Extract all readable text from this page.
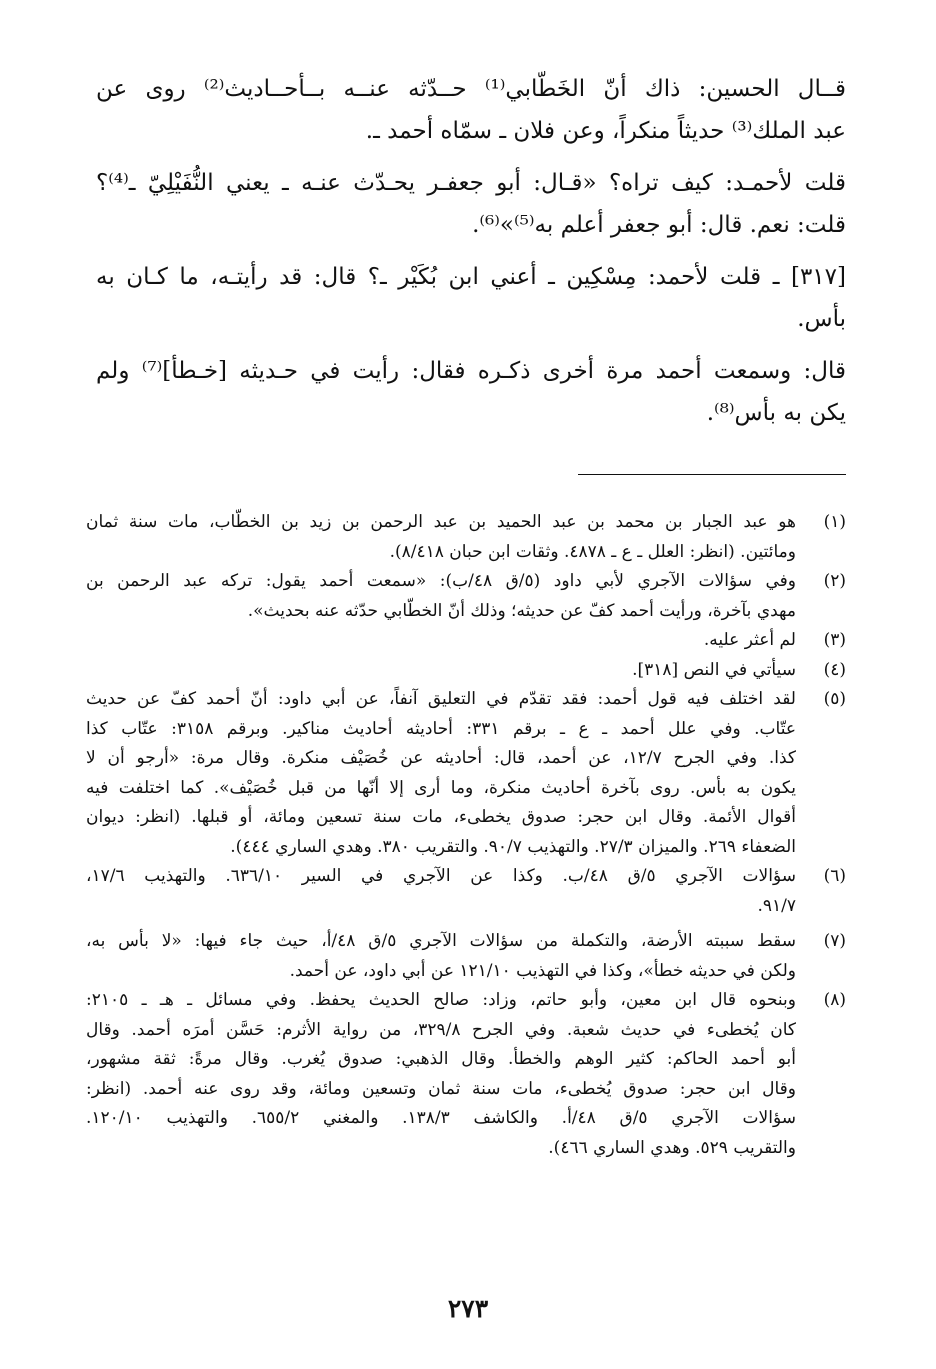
قــال الحسين: ذاك أنّ الخَطّابي⁽¹⁾ حــدّثه عنــه بــأحــاديث⁽²⁾ روى عن
عبد الملك⁽³⁾ حديثاً منكراً، وعن فلان ـ سمّاه أحمد ـ.

قلت لأحمـد: كيف تراه؟ «قـال: أبو جعفـر يحـدّث عنـه ـ يعني النُّفَيْلِيّ ـ⁽⁴⁾؟
قلت: نعم. قال: أبو جعفر أعلم به⁽⁵⁾»⁽⁶⁾.

[٣١٧] ـ قلت لأحمد: مِسْكِين ـ أعني ابن بُكَيْر ـ؟ قال: قد رأيتـه، ما كـان به
بأس.

قال: وسمعت أحمد مرة أخرى ذكـره فقال: رأيت في حـديثه [خـطأ]⁽⁷⁾ ولم
يكن به بأس⁽⁸⁾.

(١)
هو عبد الجبار بن محمد بن عبد الحميد بن عبد الرحمن بن زيد بن الخطّاب، مات سنة ثمان
ومائتين. (انظر: العلل ـ ع ـ ٤٨٧٨. وثقات ابن حبان ٨/٤١٨).
(٢)
وفي سؤالات الآجري لأبي داود (٥/ق ٤٨/ب): «سمعت أحمد يقول: تركه عبد الرحمن بن
مهدي بآخرة، ورأيت أحمد كفّ عن حديثه؛ وذلك أنّ الخطّابي حدّثه عنه بحديث».
(٣)
لم أعثر عليه.
(٤)
سيأتي في النص [٣١٨].
(٥)
لقد اختلف فيه قول أحمد: فقد تقدّم في التعليق آنفاً، عن أبي داود: أنّ أحمد كفّ عن حديث
عتّاب. وفي علل أحمد ـ ع ـ برقم ٣٣١: أحاديثه أحاديث مناكير. وبرقم ٣١٥٨: عتّاب كذا
كذا. وفي الجرح ١٢/٧، عن أحمد، قال: أحاديثه عن خُصَيْف منكرة. وقال مرة: «أرجو أن لا
يكون به بأس. روى بآخرة أحاديث منكرة، وما أرى إلا أنّها من قبل خُصَيْف». كما اختلفت فيه
أقوال الأئمة. وقال ابن حجر: صدوق يخطىء، مات سنة تسعين ومائة، أو قبلها. (انظر: ديوان
الضعفاء ٢٦٩. والميزان ٢٧/٣. والتهذيب ٩٠/٧. والتقريب ٣٨٠. وهدي الساري ٤٤٤).
(٦)
سؤالات الآجري ٥/ق ٤٨/ب. وكذا عن الآجري في السير ٦٣٦/١٠. والتهذيب ١٧/٦،
٩١/٧.
(٧)
سقط سببته الأرضة، والتكملة من سؤالات الآجري ٥/ق ٤٨/أ، حيث جاء فيها: «لا بأس به،
ولكن في حديثه خطأ»، وكذا في التهذيب ١٢١/١٠ عن أبي داود، عن أحمد.
(٨)
وبنحوه قال ابن معين، وأبو حاتم، وزاد: صالح الحديث يحفظ. وفي مسائل ـ هـ ـ ٢١٠٥:
كان يُخطىء في حديث شعبة. وفي الجرح ٣٢٩/٨، من رواية الأثرم: حَسَّن أمرَه أحمد. وقال
أبو أحمد الحاكم: كثير الوهم والخطأ. وقال الذهبي: صدوق يُغرب. وقال مرةً: ثقة مشهور،
وقال ابن حجر: صدوق يُخطىء، مات سنة ثمان وتسعين ومائة، وقد روى عنه أحمد. (انظر:
سؤالات الآجري ٥/ق ٤٨/أ. والكاشف ١٣٨/٣. والمغني ٦٥٥/٢. والتهذيب ١٢٠/١٠.
والتقريب ٥٢٩. وهدي الساري ٤٦٦).
٢٧٣
